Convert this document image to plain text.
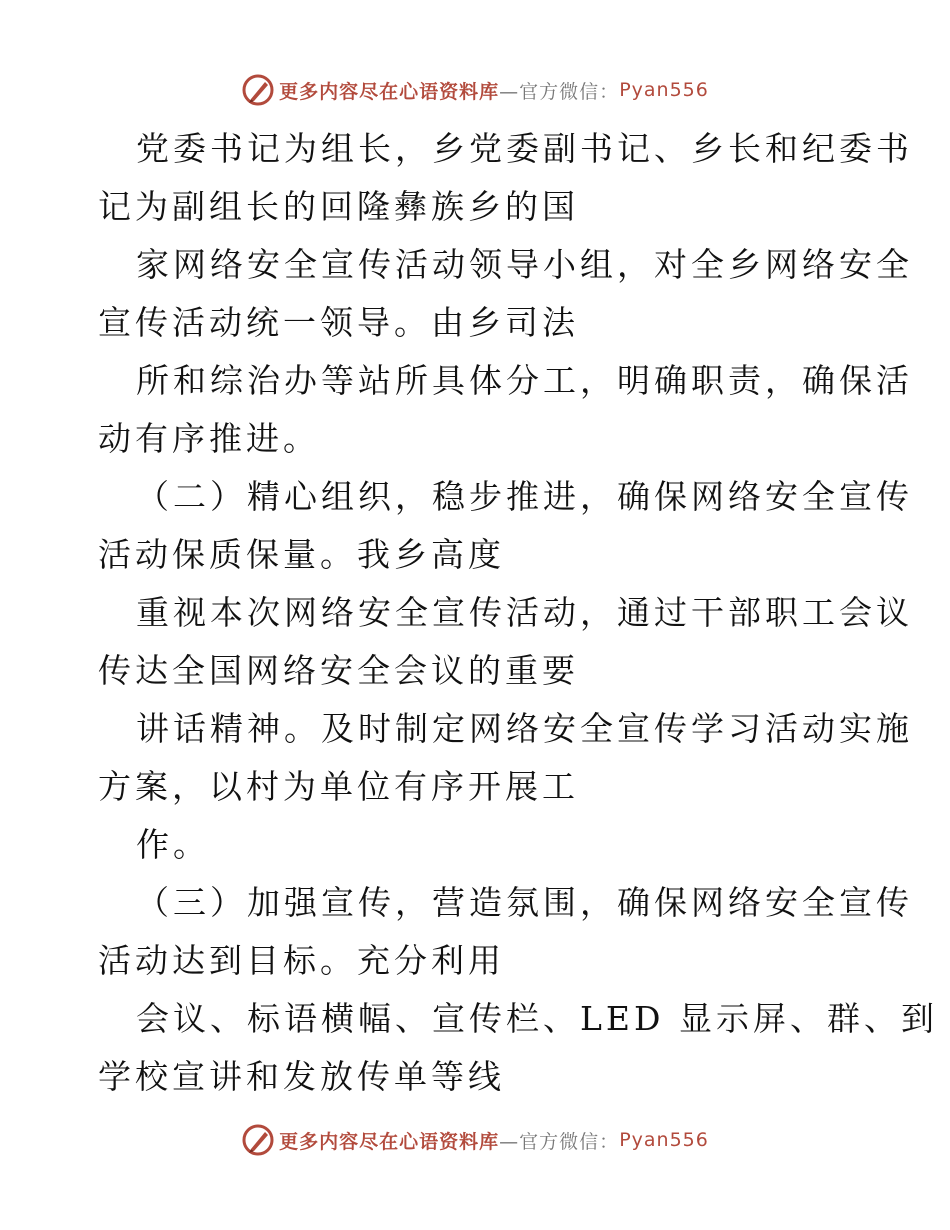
更多内容尽在心语资料库 —官方微信： Pyan556
党委书记为组长，乡党委副书记、乡长和纪委书
记为副组长的回隆彝族乡的国
家网络安全宣传活动领导小组，对全乡网络安全
宣传活动统一领导。由乡司法
所和综治办等站所具体分工，明确职责，确保活
动有序推进。
（二）精心组织，稳步推进，确保网络安全宣传
活动保质保量。我乡高度
重视本次网络安全宣传活动，通过干部职工会议
传达全国网络安全会议的重要
讲话精神。及时制定网络安全宣传学习活动实施
方案，以村为单位有序开展工
作。
（三）加强宣传，营造氛围，确保网络安全宣传
活动达到目标。充分利用
会议、标语横幅、宣传栏、LED 显示屏、群、到
学校宣讲和发放传单等线
更多内容尽在心语资料库 —官方微信： Pyan556
